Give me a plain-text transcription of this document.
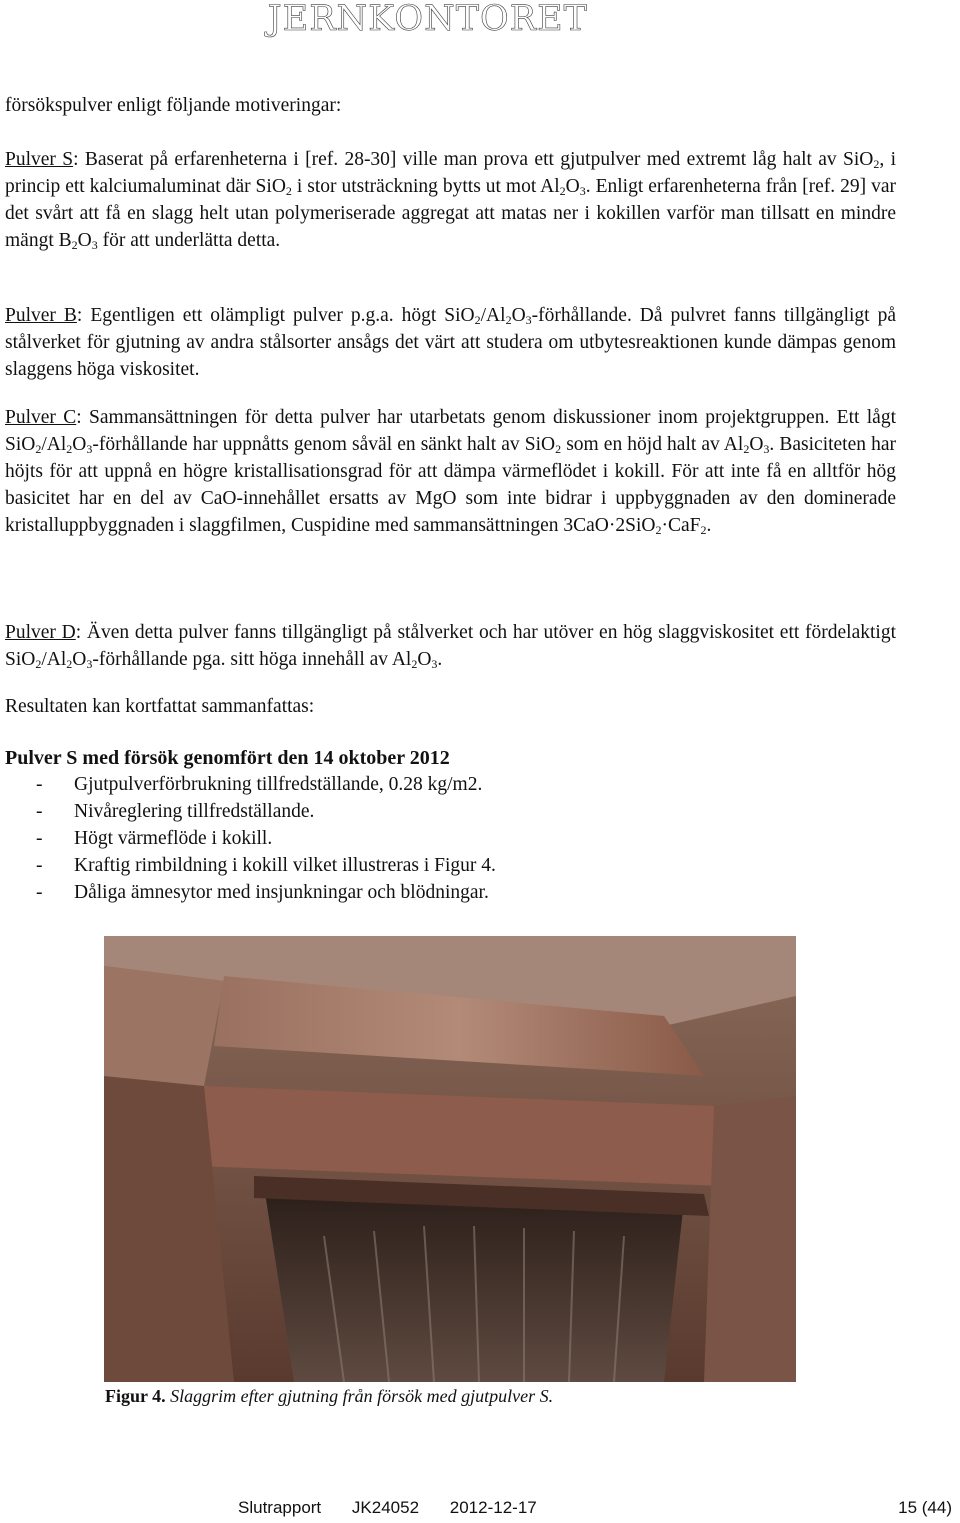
JERNKONTORET

försökspulver enligt följande motiveringar:

Pulver S: Baserat på erfarenheterna i [ref. 28-30] ville man prova ett gjutpulver med extremt låg halt av SiO$_2$, i princip ett kalciumaluminat där SiO$_2$ i stor utsträckning bytts ut mot $Al_2O_3$. Enligt erfarenheterna från [ref. 29] var det svårt att få en slagg helt utan polymeriserade aggregat att matas ner i kokillen varför man tillsatt en mindre mängt $B_2O_3$ för att underlätta detta.

Pulver B: Egentligen ett olämpligt pulver p.g.a. högt $SiO_2/Al_2O_3$-förhållande. Då pulvret fanns tillgängligt på stålverket för gjutning av andra stålsorter ansågs det värt att studera om utbytesreaktionen kunde dämpas genom slaggens höga viskositet.

Pulver C: Sammansättningen för detta pulver har utarbetats genom diskussioner inom projektgruppen. Ett lågt $SiO_2/Al_2O_3$-förhållande har uppnåtts genom såväl en sänkt halt av SiO$_2$ som en höjd halt av $Al_2O_3$. Basiciteten har höjts för att uppnå en högre kristallisationsgrad för att dämpa värmeflödet i kokill. För att inte få en alltför hög basicitet har en del av CaO-innehållet ersatts av MgO som inte bidrar i uppbyggnaden av den dominerade kristalluppbyggnaden i slaggfilmen, Cuspidine med sammansättningen 3CaO·2SiO$_2$·CaF$_2$.

Pulver D: Även detta pulver fanns tillgängligt på stålverket och har utöver en hög slaggviskositet ett fördelaktigt $SiO_2/Al_2O_3$-förhållande pga. sitt höga innehåll av $Al_2O_3$.

Resultaten kan kortfattat sammanfattas:

Pulver S med försök genomfört den 14 oktober 2012
- Gjutpulverförbrukning tillfredställande, 0.28 kg/m2.
- Nivåreglering tillfredställande.
- Högt värmeflöde i kokill.
- Kraftig rimbildning i kokill vilket illustreras i Figur 4.
- Dåliga ämnesytor med insjunkningar och blödningar.
Figur 4. Slaggrim efter gjutning från försök med gjutpulver S.
Slutrapport JK24052 2012-12-17	15 (44)
